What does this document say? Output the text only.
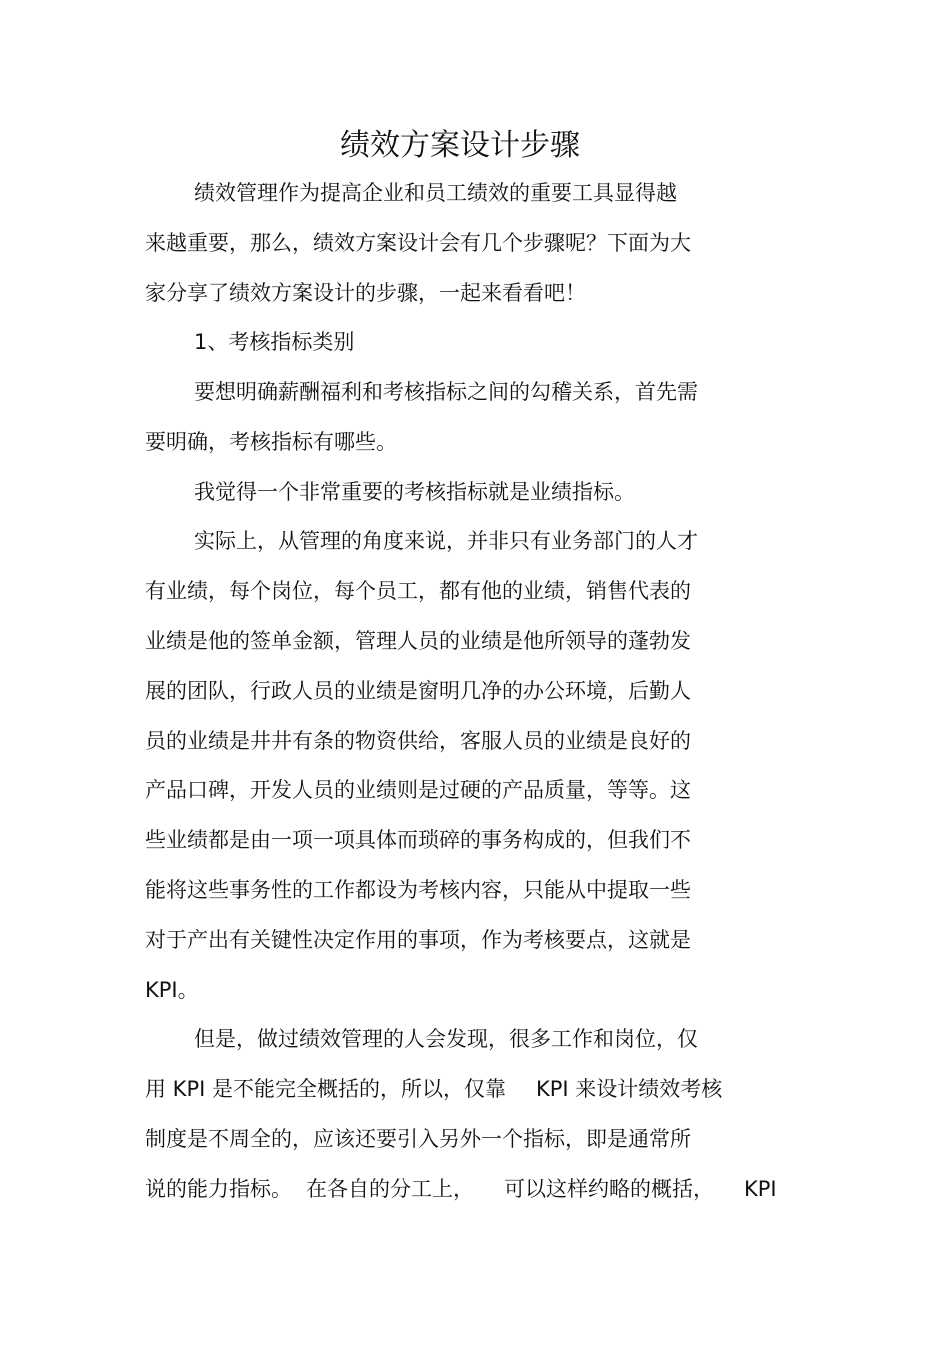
绩效方案设计步骤
绩效管理作为提高企业和员工绩效的重要工具显得越
来越重要，那么，绩效方案设计会有几个步骤呢？下面为大
家分享了绩效方案设计的步骤，一起来看看吧！
1、考核指标类别
要想明确薪酬福利和考核指标之间的勾稽关系，首先需
要明确，考核指标有哪些。
我觉得一个非常重要的考核指标就是业绩指标。
实际上，从管理的角度来说，并非只有业务部门的人才
有业绩，每个岗位，每个员工，都有他的业绩，销售代表的
业绩是他的签单金额，管理人员的业绩是他所领导的蓬勃发
展的团队，行政人员的业绩是窗明几净的办公环境，后勤人
员的业绩是井井有条的物资供给，客服人员的业绩是良好的
产品口碑，开发人员的业绩则是过硬的产品质量，等等。这
些业绩都是由一项一项具体而琐碎的事务构成的，但我们不
能将这些事务性的工作都设为考核内容，只能从中提取一些
对于产出有关键性决定作用的事项，作为考核要点，这就是
KPI。
但是，做过绩效管理的人会发现，很多工作和岗位，仅
用 KPI 是不能完全概括的，所以，仅靠 KPI 来设计绩效考核
制度是不周全的，应该还要引入另外一个指标，即是通常所
说的能力指标。 在各自的分工上， 可以这样约略的概括， KPI
